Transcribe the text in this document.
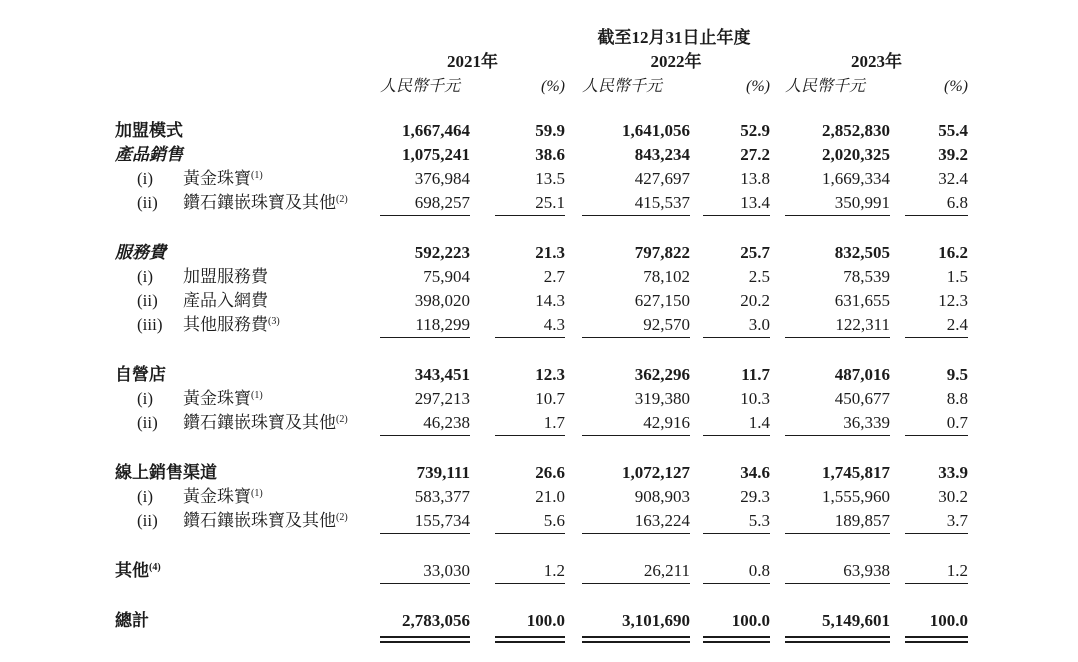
截至12月31日止年度
2021年	2022年	2023年
人民幣千元	(%) 人民幣千元	(%) 人民幣千元	(%)
加盟模式	1,667,464	59.9	1,641,056	52.9	2,852,830	55.4
產品銷售	1,075,241	38.6	843,234	27.2	2,020,325	39.2
(i) 黃金珠寶$^{(1)}$	376,984	13.5	427,697	13.8	1,669,334	32.4
(ii) 鑽石鑲嵌珠寶及其他$^{(2)}$	698,257	25.1	415,537	13.4	350,991	6.8
服務費	592,223	21.3	797,822	25.7	832,505	16.2
(i) 加盟服務費	75,904	2.7	78,102	2.5	78,539	1.5
(ii) 產品入網費	398,020	14.3	627,150	20.2	631,655	12.3
(iii) 其他服務費$^{(3)}$	118,299	4.3	92,570	3.0	122,311	2.4
自營店	343,451	12.3	362,296	11.7	487,016	9.5
(i) 黃金珠寶$^{(1)}$	297,213	10.7	319,380	10.3	450,677	8.8
(ii) 鑽石鑲嵌珠寶及其他$^{(2)}$	46,238	1.7	42,916	1.4	36,339	0.7
線上銷售渠道	739,111	26.6	1,072,127	34.6	1,745,817	33.9
(i) 黃金珠寶$^{(1)}$	583,377	21.0	908,903	29.3	1,555,960	30.2
(ii) 鑽石鑲嵌珠寶及其他$^{(2)}$	155,734	5.6	163,224	5.3	189,857	3.7
其他$^{(4)}$	33,030	1.2	26,211	0.8	63,938	1.2
總計	2,783,056	100.0	3,101,690	100.0	5,149,601	100.0
